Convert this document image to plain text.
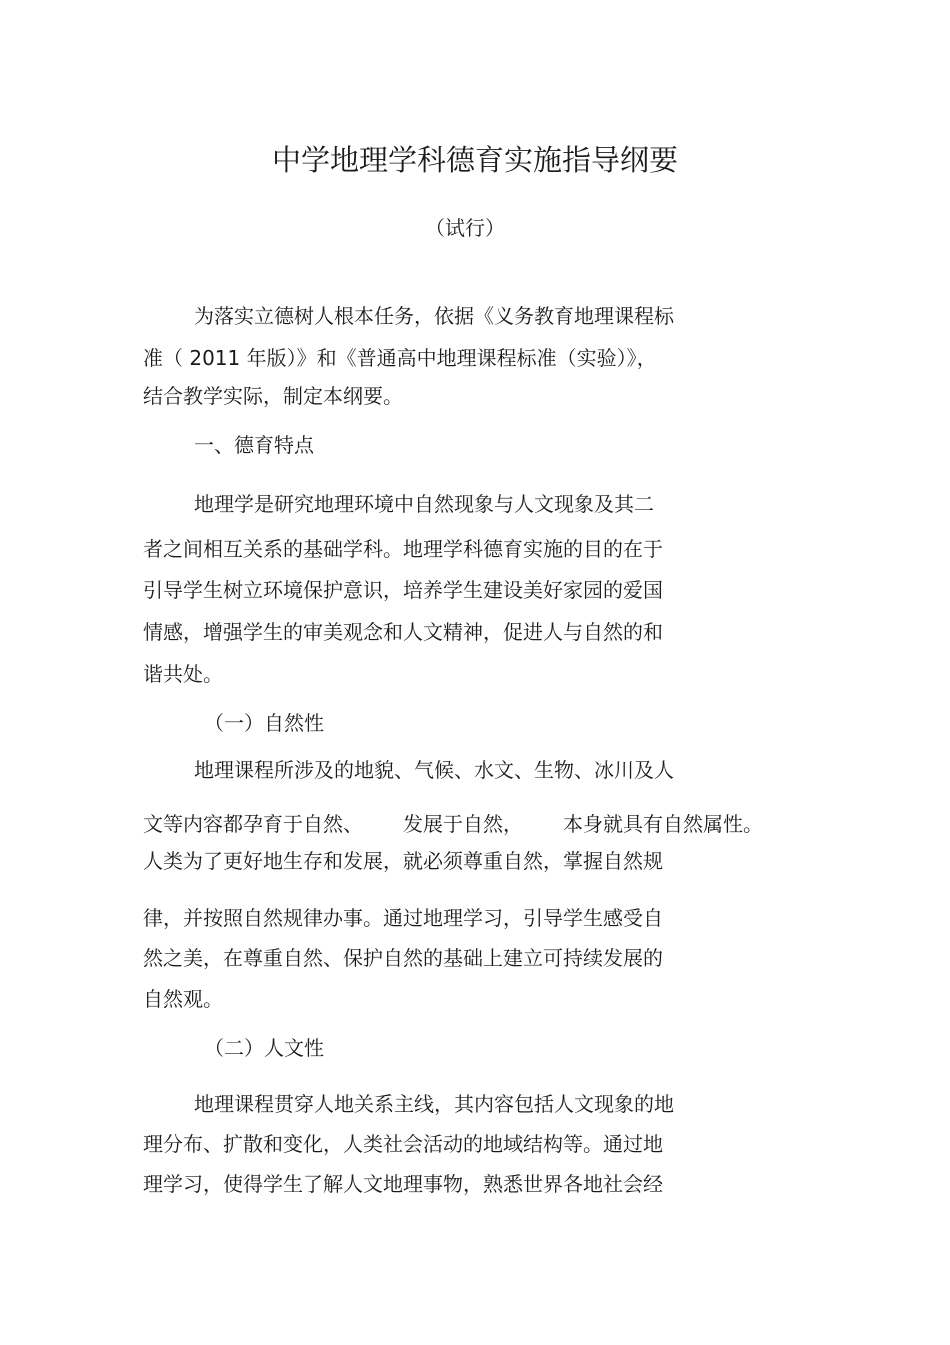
中学地理学科德育实施指导纲要
（试行）

为落实立德树人根本任务，依据《义务教育地理课程标

准（ 2011 年版）》和《普通高中地理课程标准（实验）》，

结合教学实际，制定本纲要。

一、德育特点

地理学是研究地理环境中自然现象与人文现象及其二

者之间相互关系的基础学科。地理学科德育实施的目的在于

引导学生树立环境保护意识，培养学生建设美好家园的爱国

情感，增强学生的审美观念和人文精神，促进人与自然的和

谐共处。

（一）自然性

地理课程所涉及的地貌、气候、水文、生物、冰川及人

文等内容都孕育于自然、 发展于自然， 本身就具有自然属性。

人类为了更好地生存和发展，就必须尊重自然，掌握自然规

律，并按照自然规律办事。通过地理学习，引导学生感受自

然之美，在尊重自然、保护自然的基础上建立可持续发展的

自然观。

（二）人文性

地理课程贯穿人地关系主线，其内容包括人文现象的地

理分布、扩散和变化，人类社会活动的地域结构等。通过地

理学习，使得学生了解人文地理事物，熟悉世界各地社会经
